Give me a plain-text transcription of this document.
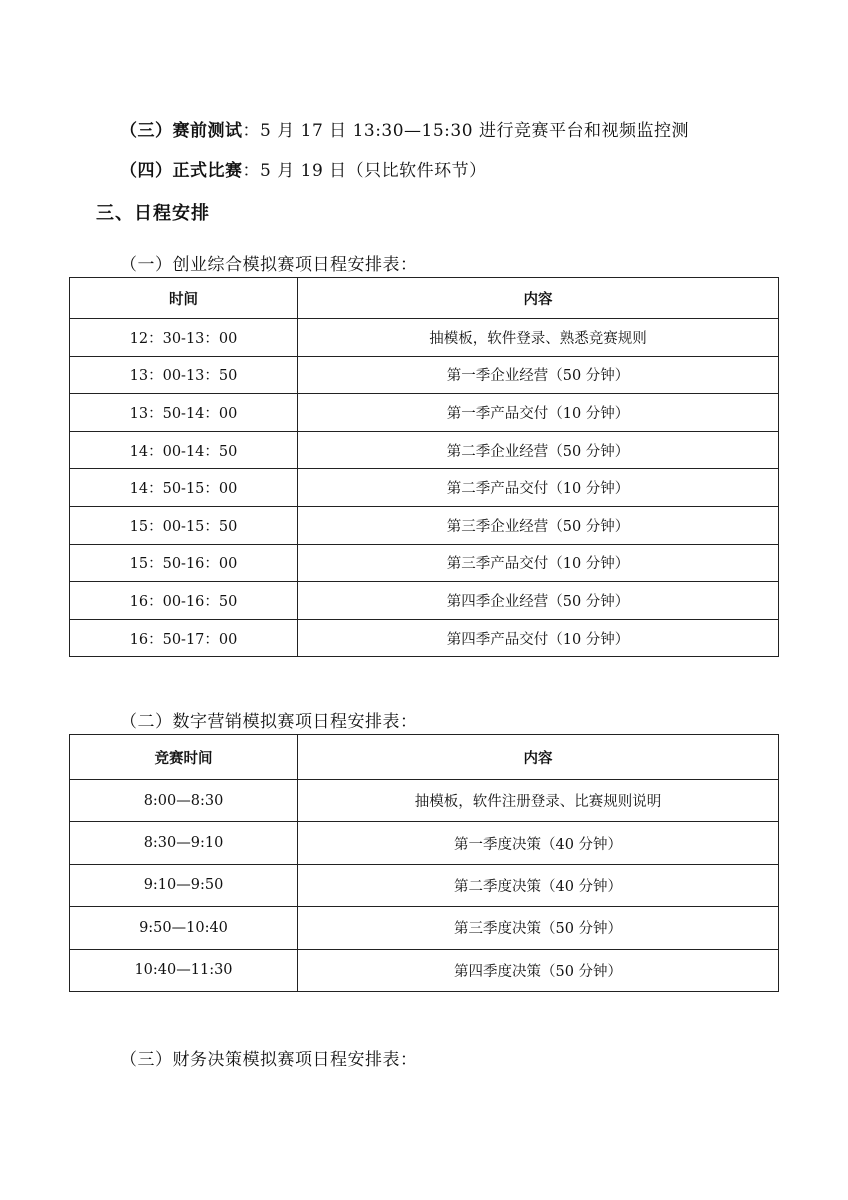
（三）赛前测试：5 月 17 日 13:30—15:30 进行竞赛平台和视频监控测
（四）正式比赛：5 月 19 日（只比软件环节）
三、日程安排
（一）创业综合模拟赛项日程安排表：
时间	内容
12：30-13：00	抽模板，软件登录、熟悉竞赛规则
13：00-13：50	第一季企业经营（50 分钟）
13：50-14：00	第一季产品交付（10 分钟）
14：00-14：50	第二季企业经营（50 分钟）
14：50-15：00	第二季产品交付（10 分钟）
15：00-15：50	第三季企业经营（50 分钟）
15：50-16：00	第三季产品交付（10 分钟）
16：00-16：50	第四季企业经营（50 分钟）
16：50-17：00	第四季产品交付（10 分钟）
（二）数字营销模拟赛项日程安排表：
竞赛时间	内容
8:00—8:30	抽模板，软件注册登录、比赛规则说明
8:30—9:10	第一季度决策（40 分钟）
9:10—9:50	第二季度决策（40 分钟）
9:50—10:40	第三季度决策（50 分钟）
10:40—11:30	第四季度决策（50 分钟）
（三）财务决策模拟赛项日程安排表：
